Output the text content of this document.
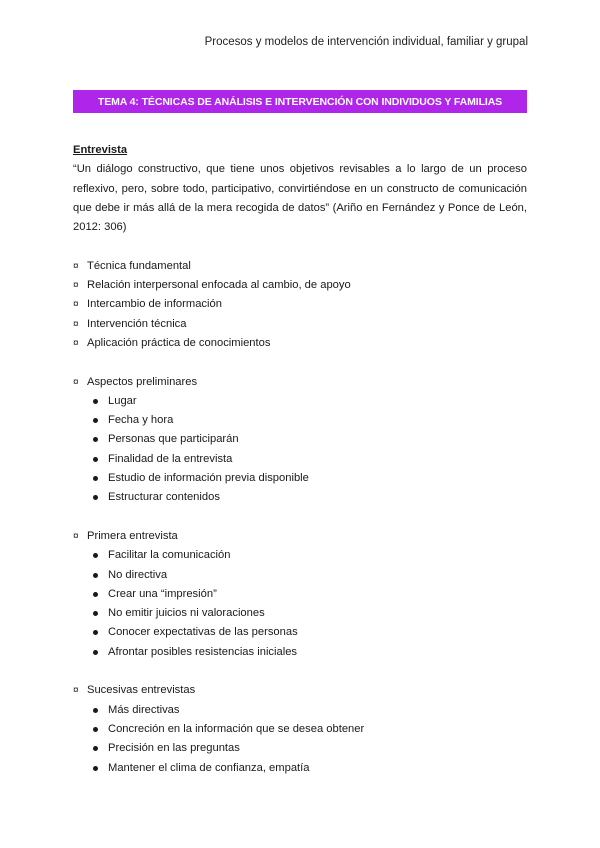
Procesos y modelos de intervención individual, familiar y grupal
TEMA 4: TÉCNICAS DE ANÁLISIS E INTERVENCIÓN CON INDIVIDUOS Y FAMILIAS
Entrevista
“Un diálogo constructivo, que tiene unos objetivos revisables a lo largo de un proceso reflexivo, pero, sobre todo, participativo, convirtiéndose en un constructo de comunicación que debe ir más allá de la mera recogida de datos” (Ariño en Fernández y Ponce de León, 2012: 306)
¤ Técnica fundamental
¤ Relación interpersonal enfocada al cambio, de apoyo
¤ Intercambio de información
¤ Intervención técnica
¤ Aplicación práctica de conocimientos
¤ Aspectos preliminares
Lugar
Fecha y hora
Personas que participarán
Finalidad de la entrevista
Estudio de información previa disponible
Estructurar contenidos
¤ Primera entrevista
Facilitar la comunicación
No directiva
Crear una “impresión”
No emitir juicios ni valoraciones
Conocer expectativas de las personas
Afrontar posibles resistencias iniciales
¤ Sucesivas entrevistas
Más directivas
Concreción en la información que se desea obtener
Precisión en las preguntas
Mantener el clima de confianza, empatía
